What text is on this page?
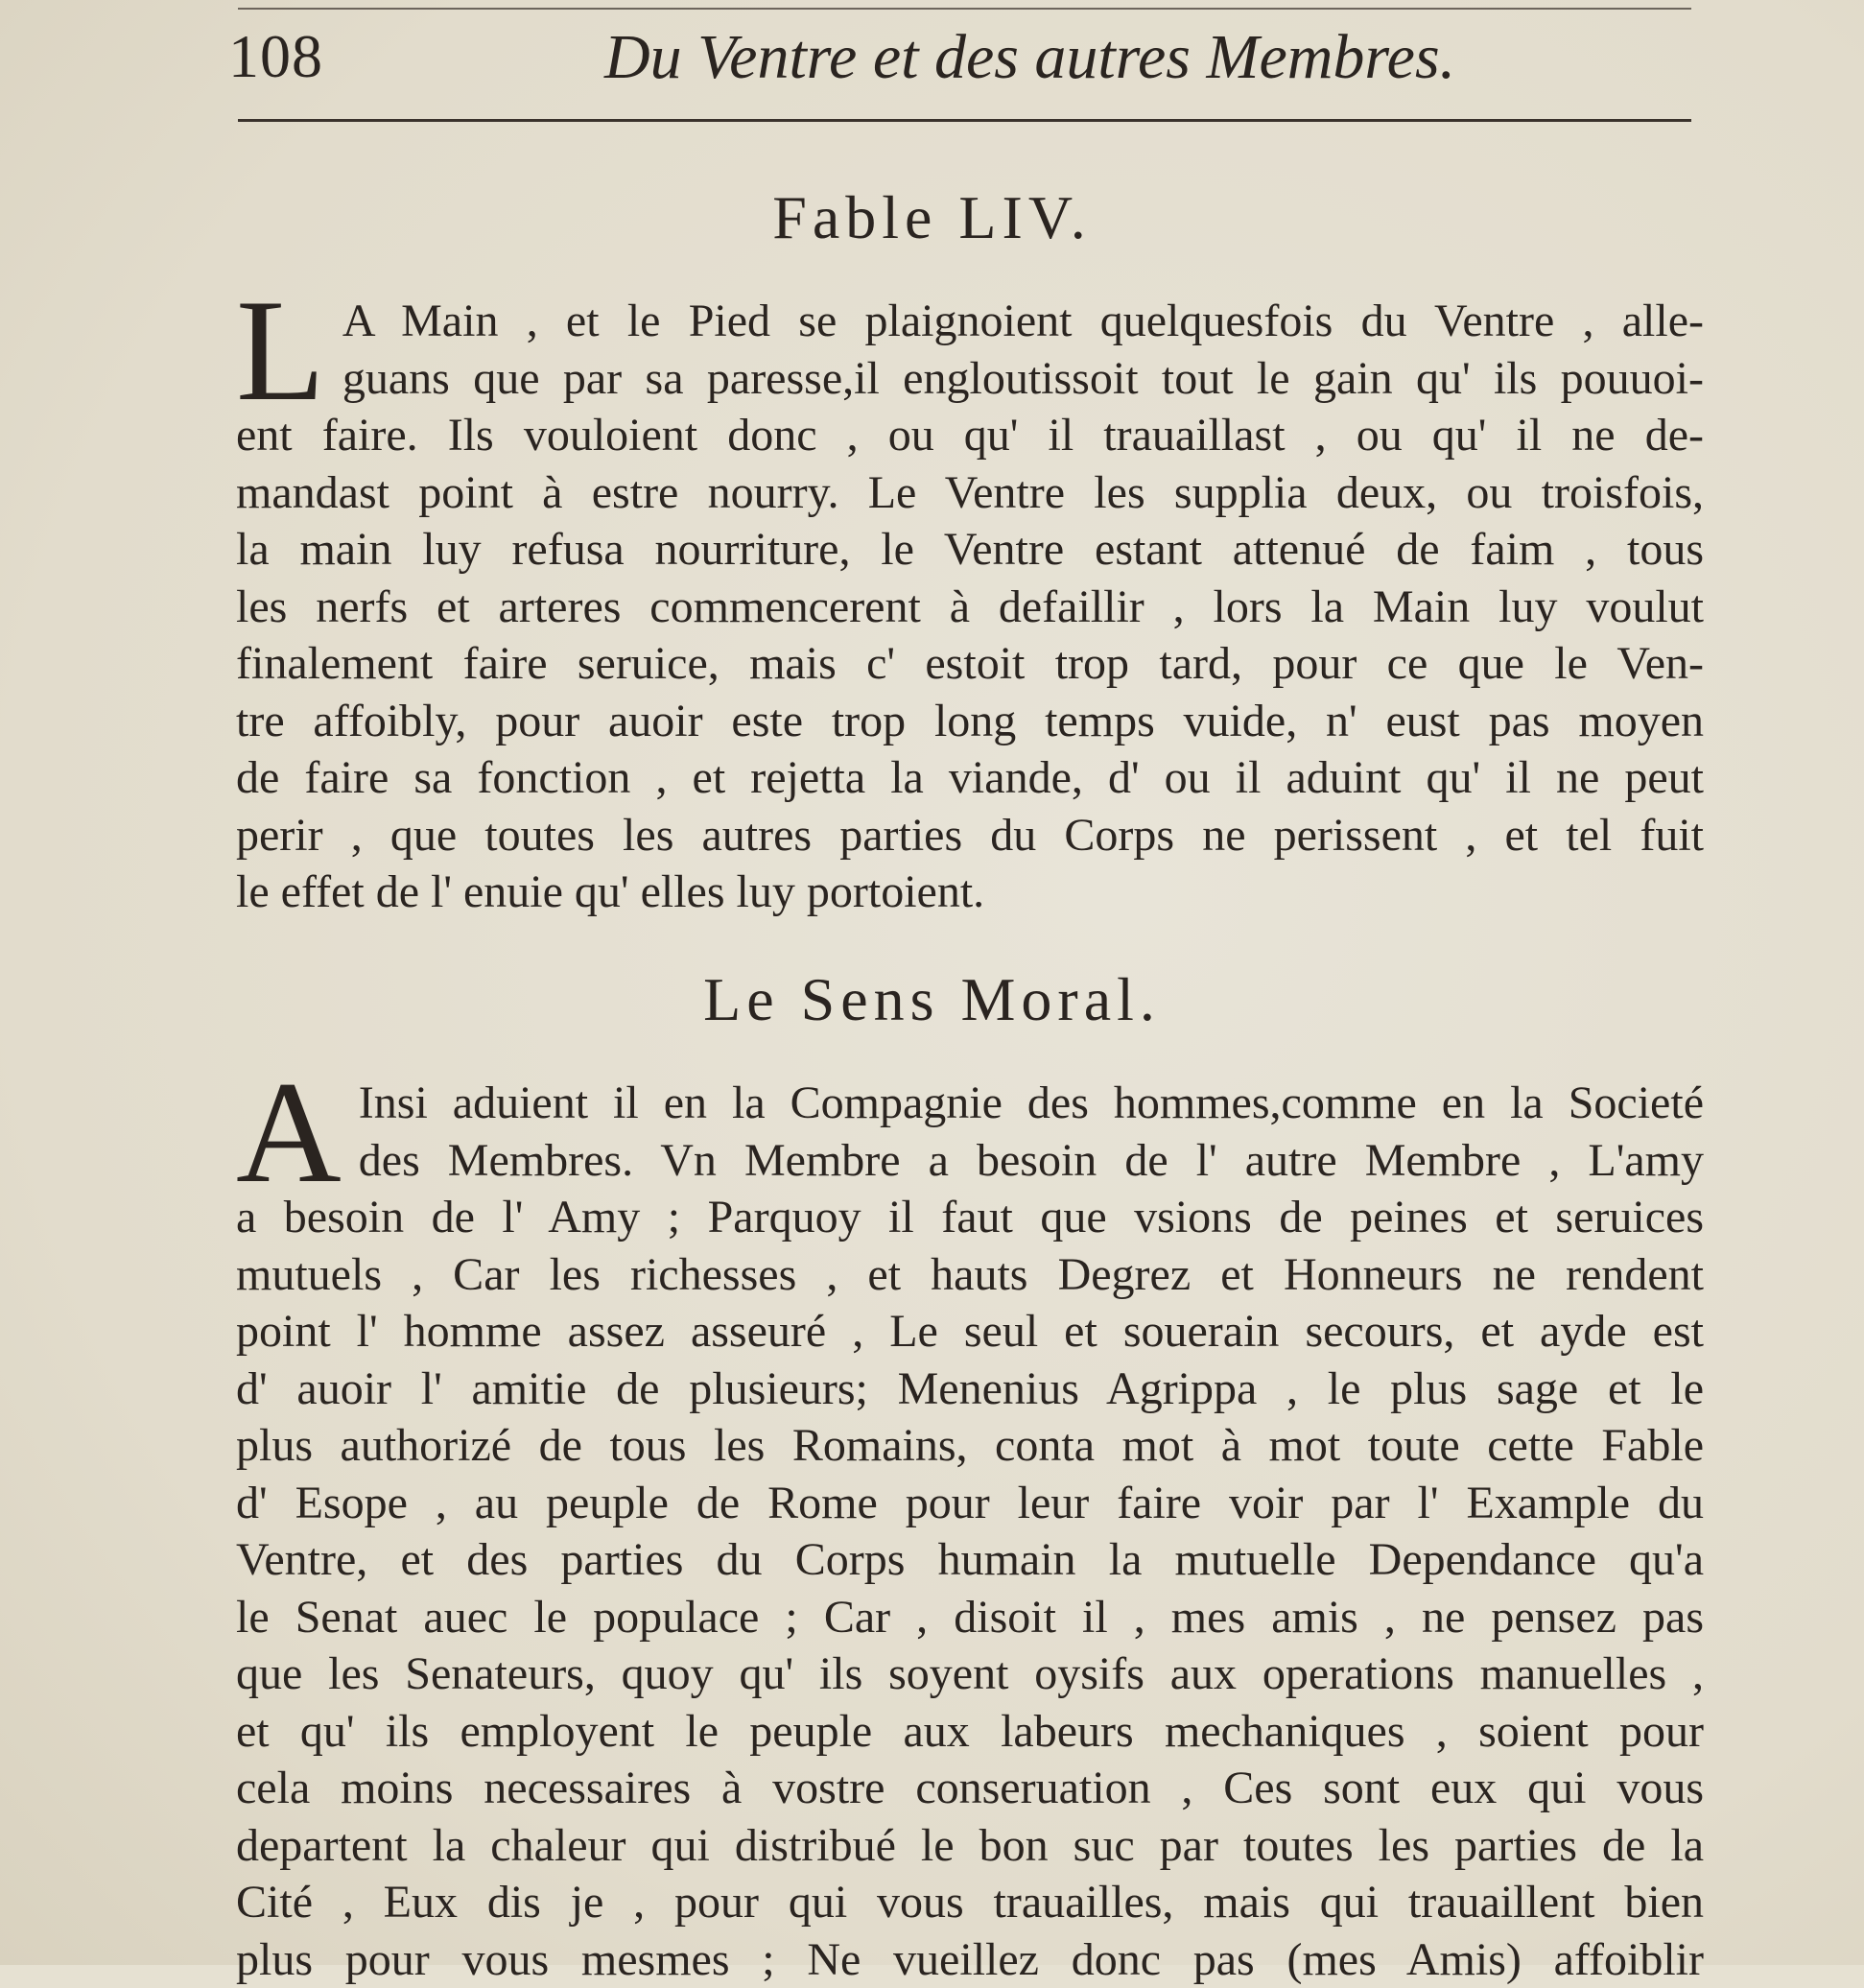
108	Du Ventre et des autres Membres.
Fable LIV.
L A Main , et le Pied se plaignoient quelquesfois du Ventre , alle-
guans que par sa paresse,il engloutissoit tout le gain qu' ils pouuoi-
ent faire. Ils vouloient donc , ou qu' il trauaillast , ou qu' il ne de-
mandast point à estre nourry. Le Ventre les supplia deux, ou troisfois,
la main luy refusa nourriture, le Ventre estant attenué de faim , tous
les nerfs et arteres commencerent à defaillir , lors la Main luy voulut
finalement faire seruice, mais c' estoit trop tard, pour ce que le Ven-
tre affoibly, pour auoir este trop long temps vuide, n' eust pas moyen
de faire sa fonction , et rejetta la viande, d' ou il aduint qu' il ne peut
perir , que toutes les autres parties du Corps ne perissent , et tel fuit
le effet de l' enuie qu' elles luy portoient.
Le Sens Moral.
A Insi aduient il en la Compagnie des hommes,comme en la Societé
des Membres. Vn Membre a besoin de l' autre Membre , L'amy
a besoin de l' Amy ; Parquoy il faut que vsions de peines et seruices
mutuels , Car les richesses , et hauts Degrez et Honneurs ne rendent
point l' homme assez asseuré , Le seul et souerain secours, et ayde est
d' auoir l' amitie de plusieurs; Menenius Agrippa , le plus sage et le
plus authorizé de tous les Romains, conta mot à mot toute cette Fable
d' Esope , au peuple de Rome pour leur faire voir par l' Example du
Ventre, et des parties du Corps humain la mutuelle Dependance qu'a
le Senat auec le populace ; Car , disoit il , mes amis , ne pensez pas
que les Senateurs, quoy qu' ils soyent oysifs aux operations manuelles ,
et qu' ils employent le peuple aux labeurs mechaniques , soient pour
cela moins necessaires à vostre conseruation , Ces sont eux qui vous
departent la chaleur qui distribué le bon suc par toutes les parties de la
Cité , Eux dis je , pour qui vous trauailles, mais qui trauaillent bien
plus pour vous mesmes ; Ne vueillez donc pas (mes Amis) affoiblir
